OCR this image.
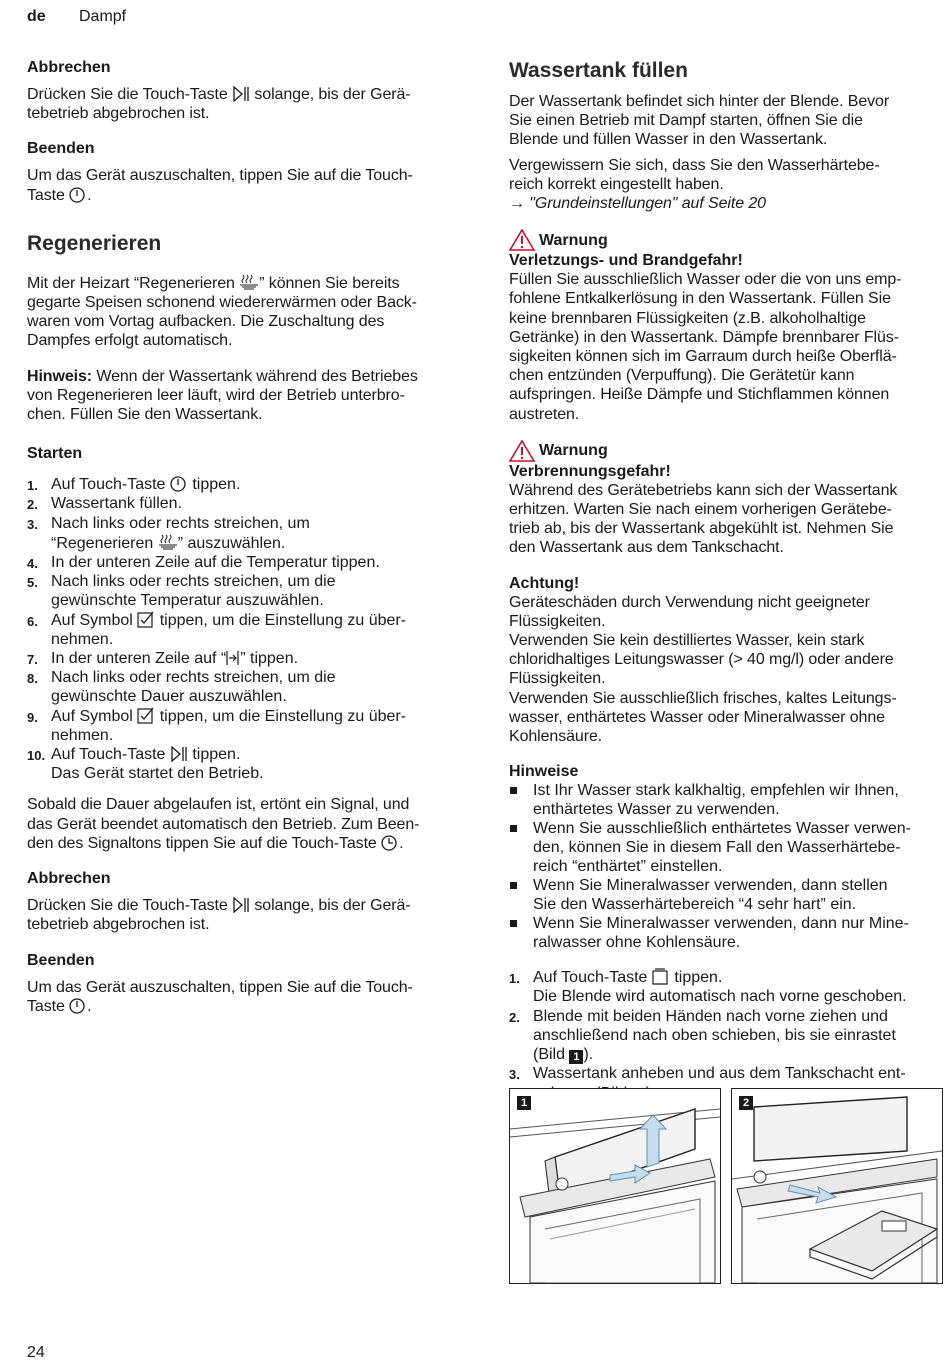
de Dampf

Abbrechen

Drücken Sie die Touch-Taste solange, bis der Gerä-
tebetrieb abgebrochen ist.

Beenden

Um das Gerät auszuschalten, tippen Sie auf die Touch-
Taste .

Regenerieren

Mit der Heizart “Regenerieren ” können Sie bereits
gegarte Speisen schonend wiedererwärmen oder Back-
waren vom Vortag aufbacken. Die Zuschaltung des
Dampfes erfolgt automatisch.

Hinweis: Wenn der Wassertank während des Betriebes
von Regenerieren leer läuft, wird der Betrieb unterbro-
chen. Füllen Sie den Wassertank.

Starten

1. Auf Touch-Taste tippen.
2. Wassertank füllen.
3. Nach links oder rechts streichen, um
“Regenerieren ” auszuwählen.
4. In der unteren Zeile auf die Temperatur tippen.
5. Nach links oder rechts streichen, um die
gewünschte Temperatur auszuwählen.
6. Auf Symbol tippen, um die Einstellung zu über-
nehmen.
7. In der unteren Zeile auf “ ” tippen.
8. Nach links oder rechts streichen, um die
gewünschte Dauer auszuwählen.
9. Auf Symbol tippen, um die Einstellung zu über-
nehmen.
10. Auf Touch-Taste tippen.
Das Gerät startet den Betrieb.

Sobald die Dauer abgelaufen ist, ertönt ein Signal, und
das Gerät beendet automatisch den Betrieb. Zum Been-
den des Signaltons tippen Sie auf die Touch-Taste .

Abbrechen

Drücken Sie die Touch-Taste solange, bis der Gerä-
tebetrieb abgebrochen ist.

Beenden

Um das Gerät auszuschalten, tippen Sie auf die Touch-
Taste .

Wassertank füllen

Der Wassertank befindet sich hinter der Blende. Bevor
Sie einen Betrieb mit Dampf starten, öffnen Sie die
Blende und füllen Wasser in den Wassertank.

Vergewissern Sie sich, dass Sie den Wasserhärtebe-
reich korrekt eingestellt haben.
→ "Grundeinstellungen" auf Seite 20

Warnung

Verletzungs- und Brandgefahr!

Füllen Sie ausschließlich Wasser oder die von uns emp-
fohlene Entkalkerlösung in den Wassertank. Füllen Sie
keine brennbaren Flüssigkeiten (z.B. alkoholhaltige
Getränke) in den Wassertank. Dämpfe brennbarer Flüs-
sigkeiten können sich im Garraum durch heiße Oberflä-
chen entzünden (Verpuffung). Die Gerätetür kann
aufspringen. Heiße Dämpfe und Stichflammen können
austreten.

Warnung

Verbrennungsgefahr!

Während des Gerätebetriebs kann sich der Wassertank
erhitzen. Warten Sie nach einem vorherigen Gerätebe-
trieb ab, bis der Wassertank abgekühlt ist. Nehmen Sie
den Wassertank aus dem Tankschacht.

Achtung!

Geräteschäden durch Verwendung nicht geeigneter
Flüssigkeiten.
Verwenden Sie kein destilliertes Wasser, kein stark
chloridhaltiges Leitungswasser (> 40 mg/l) oder andere
Flüssigkeiten.
Verwenden Sie ausschließlich frisches, kaltes Leitungs-
wasser, enthärtetes Wasser oder Mineralwasser ohne
Kohlensäure.

Hinweise

Ist Ihr Wasser stark kalkhaltig, empfehlen wir Ihnen,
enthärtetes Wasser zu verwenden.
Wenn Sie ausschließlich enthärtetes Wasser verwen-
den, können Sie in diesem Fall den Wasserhärtebe-
reich “enthärtet” einstellen.
Wenn Sie Mineralwasser verwenden, dann stellen
Sie den Wasserhärtebereich “4 sehr hart” ein.
Wenn Sie Mineralwasser verwenden, dann nur Mine-
ralwasser ohne Kohlensäure.
1. Auf Touch-Taste tippen.
Die Blende wird automatisch nach vorne geschoben.
2. Blende mit beiden Händen nach vorne ziehen und
anschließend nach oben schieben, bis sie einrastet
(Bild 1 ).
3. Wassertank anheben und aus dem Tankschacht ent-

1	2
24
